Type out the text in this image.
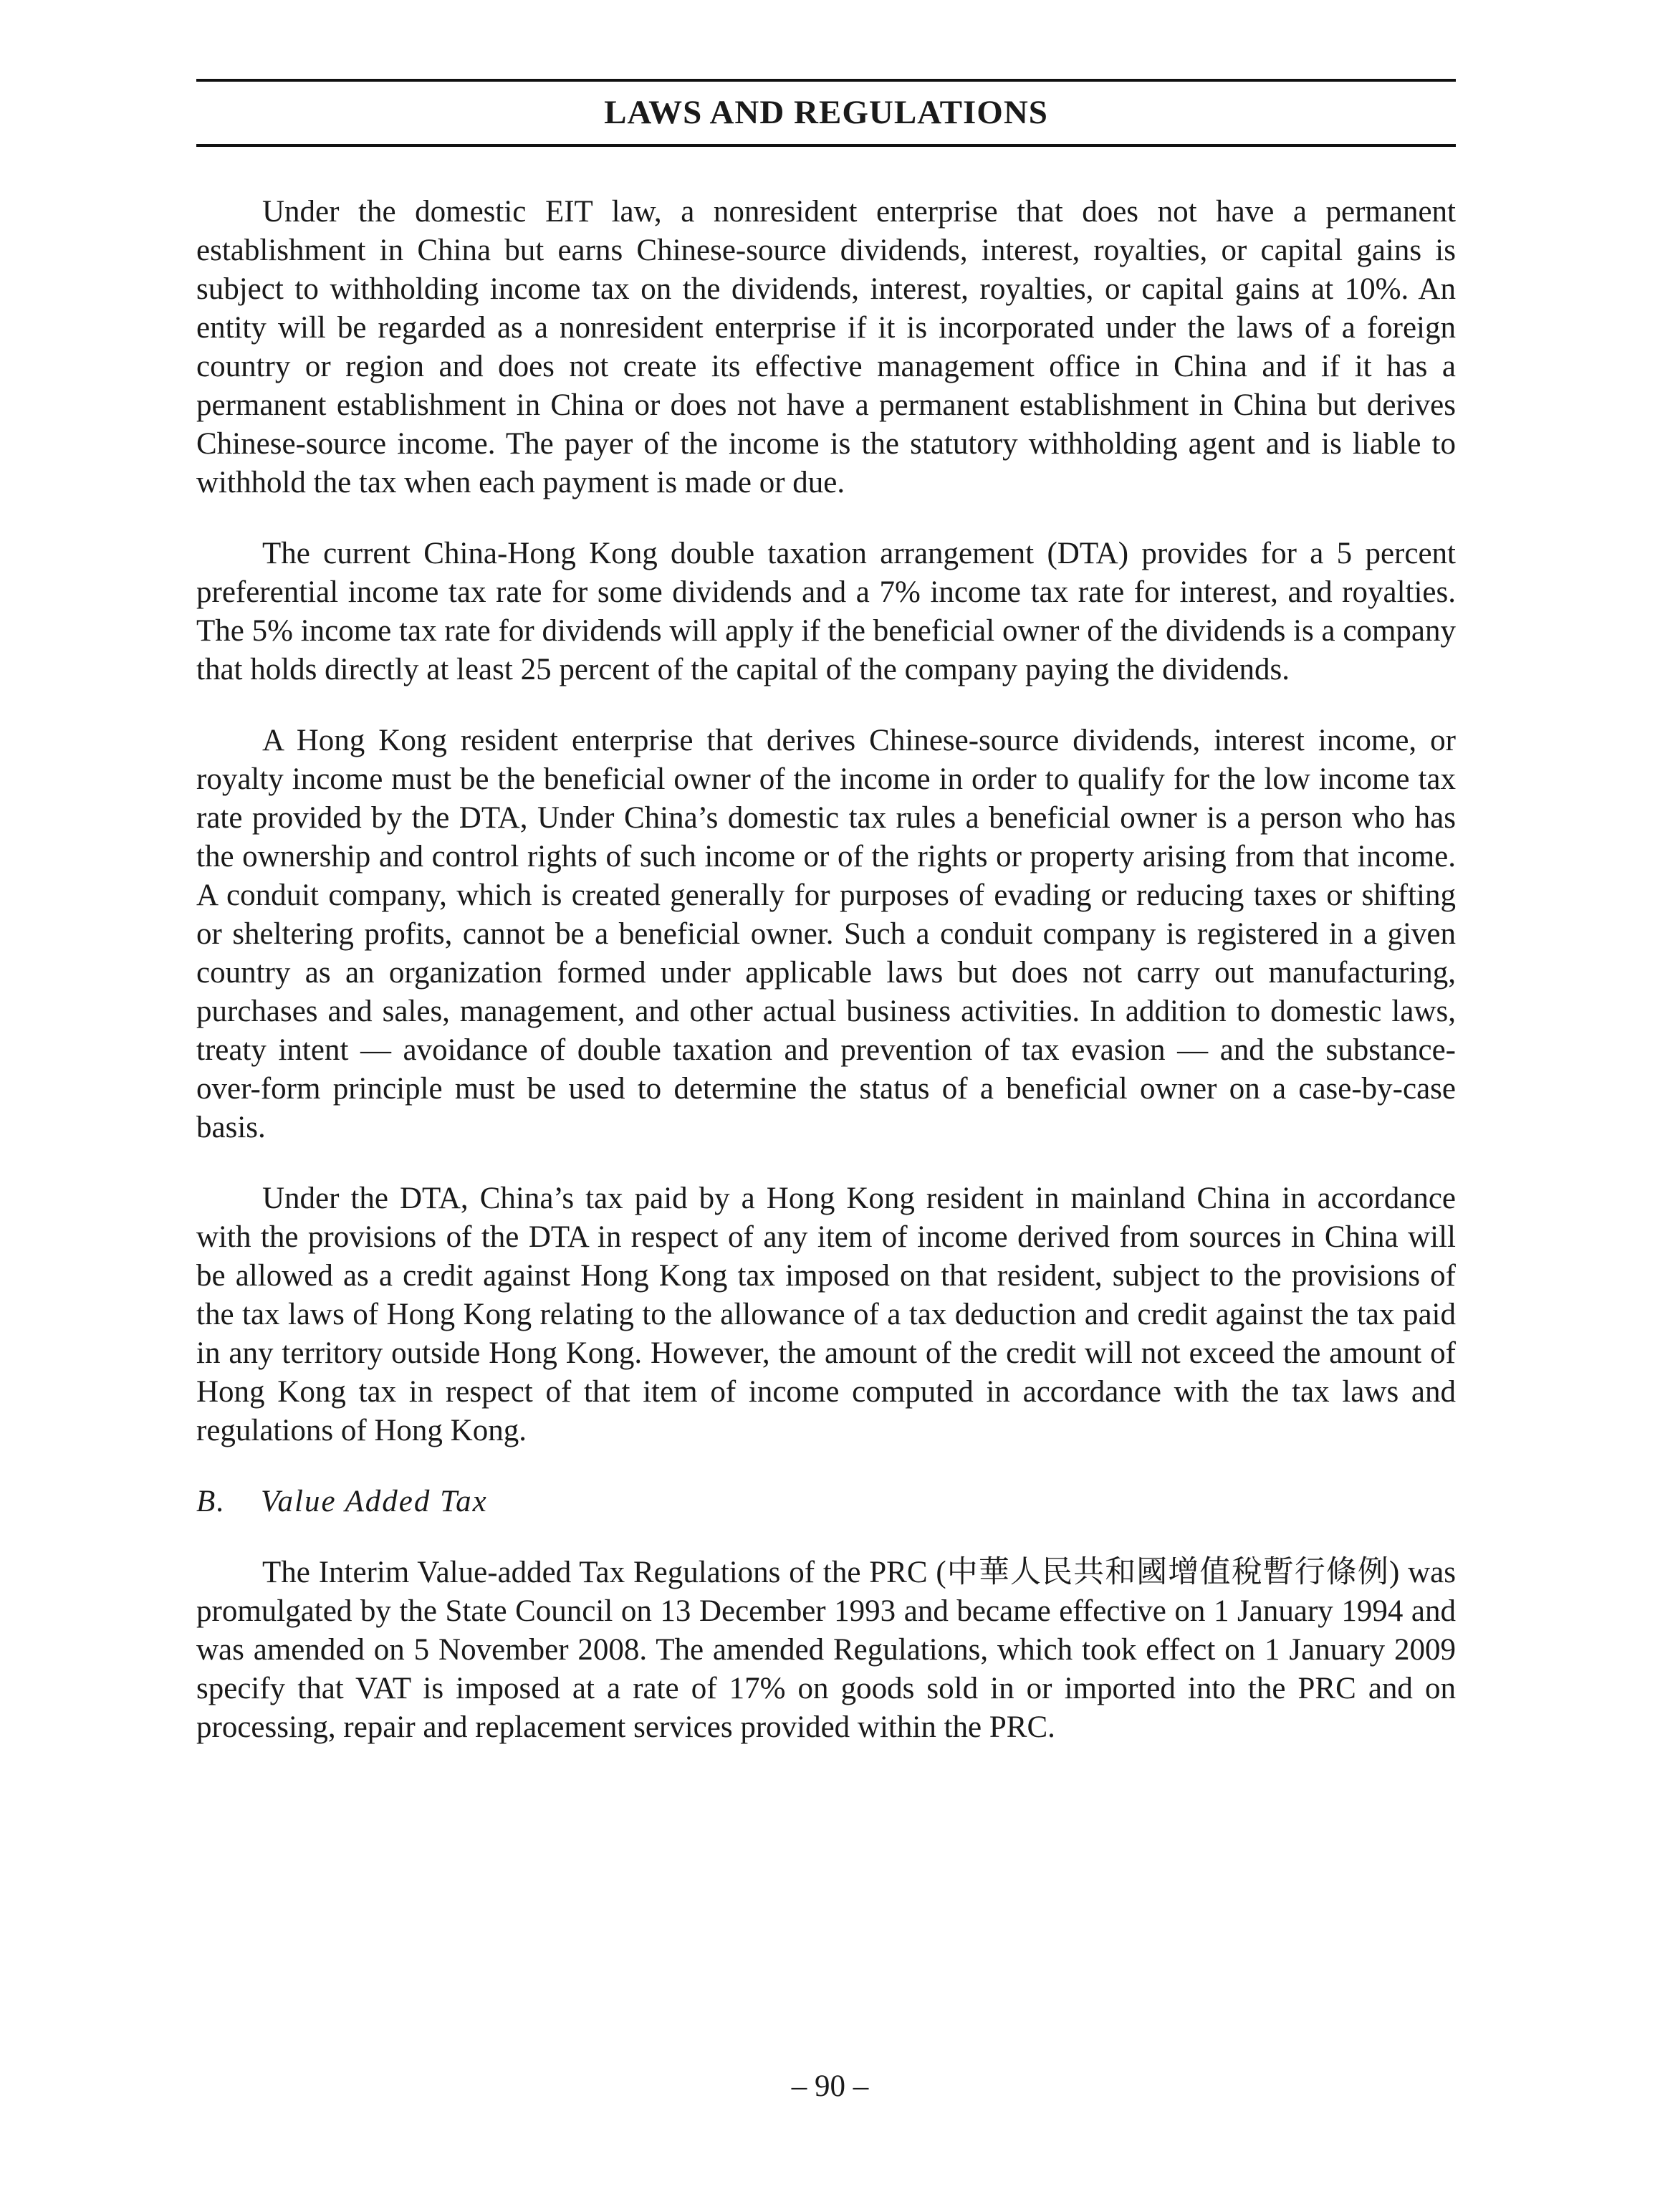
LAWS AND REGULATIONS

Under the domestic EIT law, a nonresident enterprise that does not have a permanent establishment in China but earns Chinese-source dividends, interest, royalties, or capital gains is subject to withholding income tax on the dividends, interest, royalties, or capital gains at 10%. An entity will be regarded as a nonresident enterprise if it is incorporated under the laws of a foreign country or region and does not create its effective management office in China and if it has a permanent establishment in China or does not have a permanent establishment in China but derives Chinese-source income. The payer of the income is the statutory withholding agent and is liable to withhold the tax when each payment is made or due.

The current China-Hong Kong double taxation arrangement (DTA) provides for a 5 percent preferential income tax rate for some dividends and a 7% income tax rate for interest, and royalties. The 5% income tax rate for dividends will apply if the beneficial owner of the dividends is a company that holds directly at least 25 percent of the capital of the company paying the dividends.

A Hong Kong resident enterprise that derives Chinese-source dividends, interest income, or royalty income must be the beneficial owner of the income in order to qualify for the low income tax rate provided by the DTA, Under China’s domestic tax rules a beneficial owner is a person who has the ownership and control rights of such income or of the rights or property arising from that income. A conduit company, which is created generally for purposes of evading or reducing taxes or shifting or sheltering profits, cannot be a beneficial owner. Such a conduit company is registered in a given country as an organization formed under applicable laws but does not carry out manufacturing, purchases and sales, management, and other actual business activities. In addition to domestic laws, treaty intent — avoidance of double taxation and prevention of tax evasion — and the substance-over-form principle must be used to determine the status of a beneficial owner on a case-by-case basis.

Under the DTA, China’s tax paid by a Hong Kong resident in mainland China in accordance with the provisions of the DTA in respect of any item of income derived from sources in China will be allowed as a credit against Hong Kong tax imposed on that resident, subject to the provisions of the tax laws of Hong Kong relating to the allowance of a tax deduction and credit against the tax paid in any territory outside Hong Kong. However, the amount of the credit will not exceed the amount of Hong Kong tax in respect of that item of income computed in accordance with the tax laws and regulations of Hong Kong.

B. Value Added Tax

The Interim Value-added Tax Regulations of the PRC (中華人民共和國增值稅暫行條例) was promulgated by the State Council on 13 December 1993 and became effective on 1 January 1994 and was amended on 5 November 2008. The amended Regulations, which took effect on 1 January 2009 specify that VAT is imposed at a rate of 17% on goods sold in or imported into the PRC and on processing, repair and replacement services provided within the PRC.

– 90 –
